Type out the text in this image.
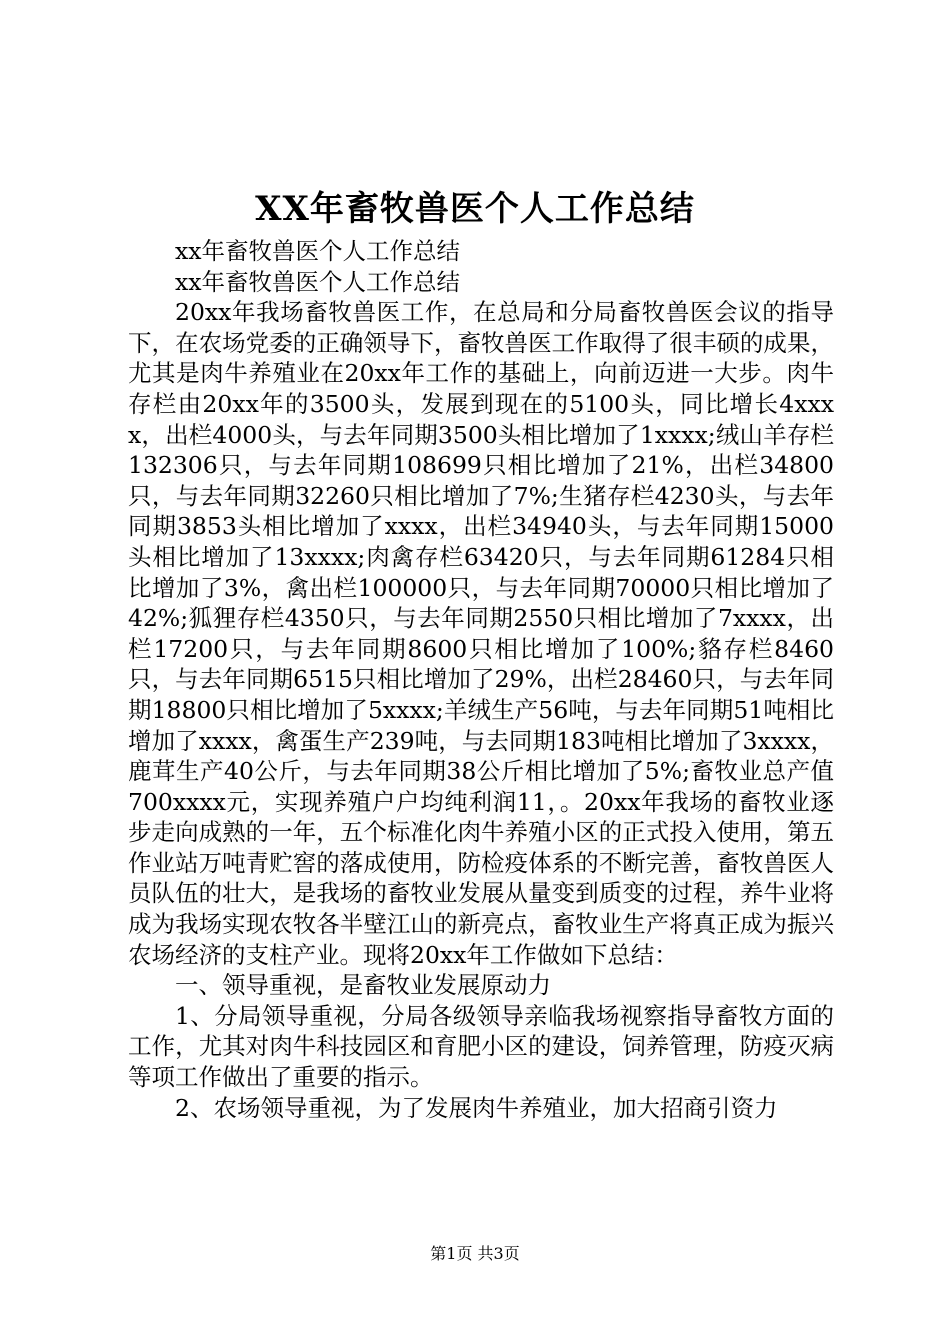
XX年畜牧兽医个人工作总结

xx年畜牧兽医个人工作总结

xx年畜牧兽医个人工作总结

20xx年我场畜牧兽医工作，在总局和分局畜牧兽医会议的指导下，在农场党委的正确领导下，畜牧兽医工作取得了很丰硕的成果，尤其是肉牛养殖业在20xx年工作的基础上，向前迈进一大步。肉牛存栏由20xx年的3500头，发展到现在的5100头，同比增长4xxxx，出栏4000头，与去年同期3500头相比增加了1xxxx;绒山羊存栏132306只，与去年同期108699只相比增加了21%，出栏34800只，与去年同期32260只相比增加了7%;生猪存栏4230头，与去年同期3853头相比增加了xxxx，出栏34940头，与去年同期15000头相比增加了13xxxx;肉禽存栏63420只，与去年同期61284只相比增加了3%，禽出栏100000只，与去年同期70000只相比增加了42%;狐狸存栏4350只，与去年同期2550只相比增加了7xxxx，出栏17200只，与去年同期8600只相比增加了100%;貉存栏8460只，与去年同期6515只相比增加了29%，出栏28460只，与去年同期18800只相比增加了5xxxx;羊绒生产56吨，与去年同期51吨相比增加了xxxx，禽蛋生产239吨，与去同期183吨相比增加了3xxxx，鹿茸生产40公斤，与去年同期38公斤相比增加了5%;畜牧业总产值700xxxx元，实现养殖户户均纯利润11，。20xx年我场的畜牧业逐步走向成熟的一年，五个标准化肉牛养殖小区的正式投入使用，第五作业站万吨青贮窖的落成使用，防检疫体系的不断完善，畜牧兽医人员队伍的壮大，是我场的畜牧业发展从量变到质变的过程，养牛业将成为我场实现农牧各半壁江山的新亮点，畜牧业生产将真正成为振兴农场经济的支柱产业。现将20xx年工作做如下总结：

一、领导重视，是畜牧业发展原动力

1、分局领导重视，分局各级领导亲临我场视察指导畜牧方面的工作，尤其对肉牛科技园区和育肥小区的建设，饲养管理，防疫灭病等项工作做出了重要的指示。

2、农场领导重视，为了发展肉牛养殖业，加大招商引资力

第1页 共3页
